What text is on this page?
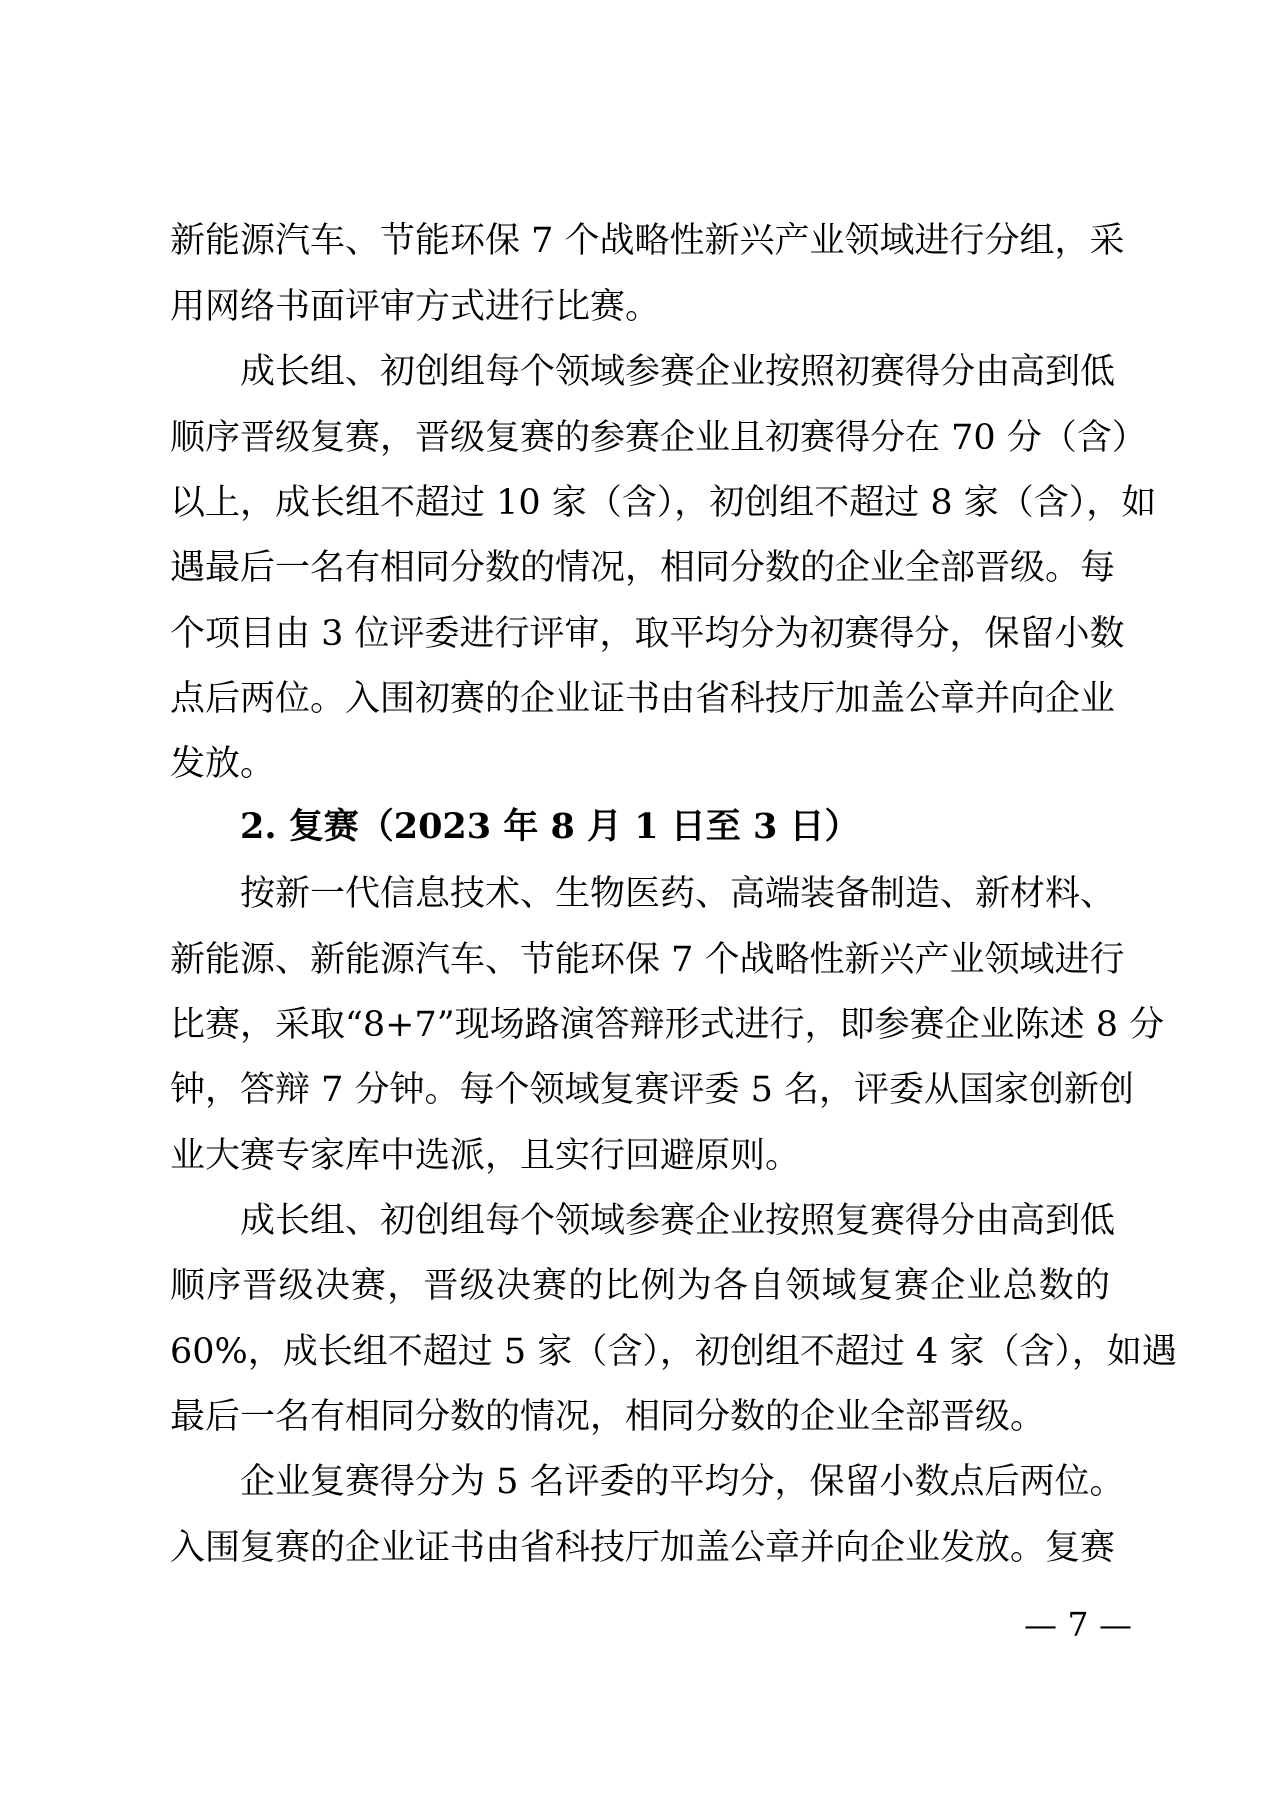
新能源汽车、节能环保 7 个战略性新兴产业领域进行分组，采
用网络书面评审方式进行比赛。
成长组、初创组每个领域参赛企业按照初赛得分由高到低
顺序晋级复赛，晋级复赛的参赛企业且初赛得分在 70 分（含）
以上，成长组不超过 10 家（含），初创组不超过 8 家（含），如
遇最后一名有相同分数的情况，相同分数的企业全部晋级。每
个项目由 3 位评委进行评审，取平均分为初赛得分，保留小数
点后两位。入围初赛的企业证书由省科技厅加盖公章并向企业
发放。
2. 复赛（2023 年 8 月 1 日至 3 日）
按新一代信息技术、生物医药、高端装备制造、新材料、
新能源、新能源汽车、节能环保 7 个战略性新兴产业领域进行
比赛，采取“8+7”现场路演答辩形式进行，即参赛企业陈述 8 分
钟，答辩 7 分钟。每个领域复赛评委 5 名，评委从国家创新创
业大赛专家库中选派，且实行回避原则。
成长组、初创组每个领域参赛企业按照复赛得分由高到低
顺序晋级决赛，晋级决赛的比例为各自领域复赛企业总数的
60%，成长组不超过 5 家（含），初创组不超过 4 家（含），如遇
最后一名有相同分数的情况，相同分数的企业全部晋级。
企业复赛得分为 5 名评委的平均分，保留小数点后两位。
入围复赛的企业证书由省科技厅加盖公章并向企业发放。复赛
— 7 —
